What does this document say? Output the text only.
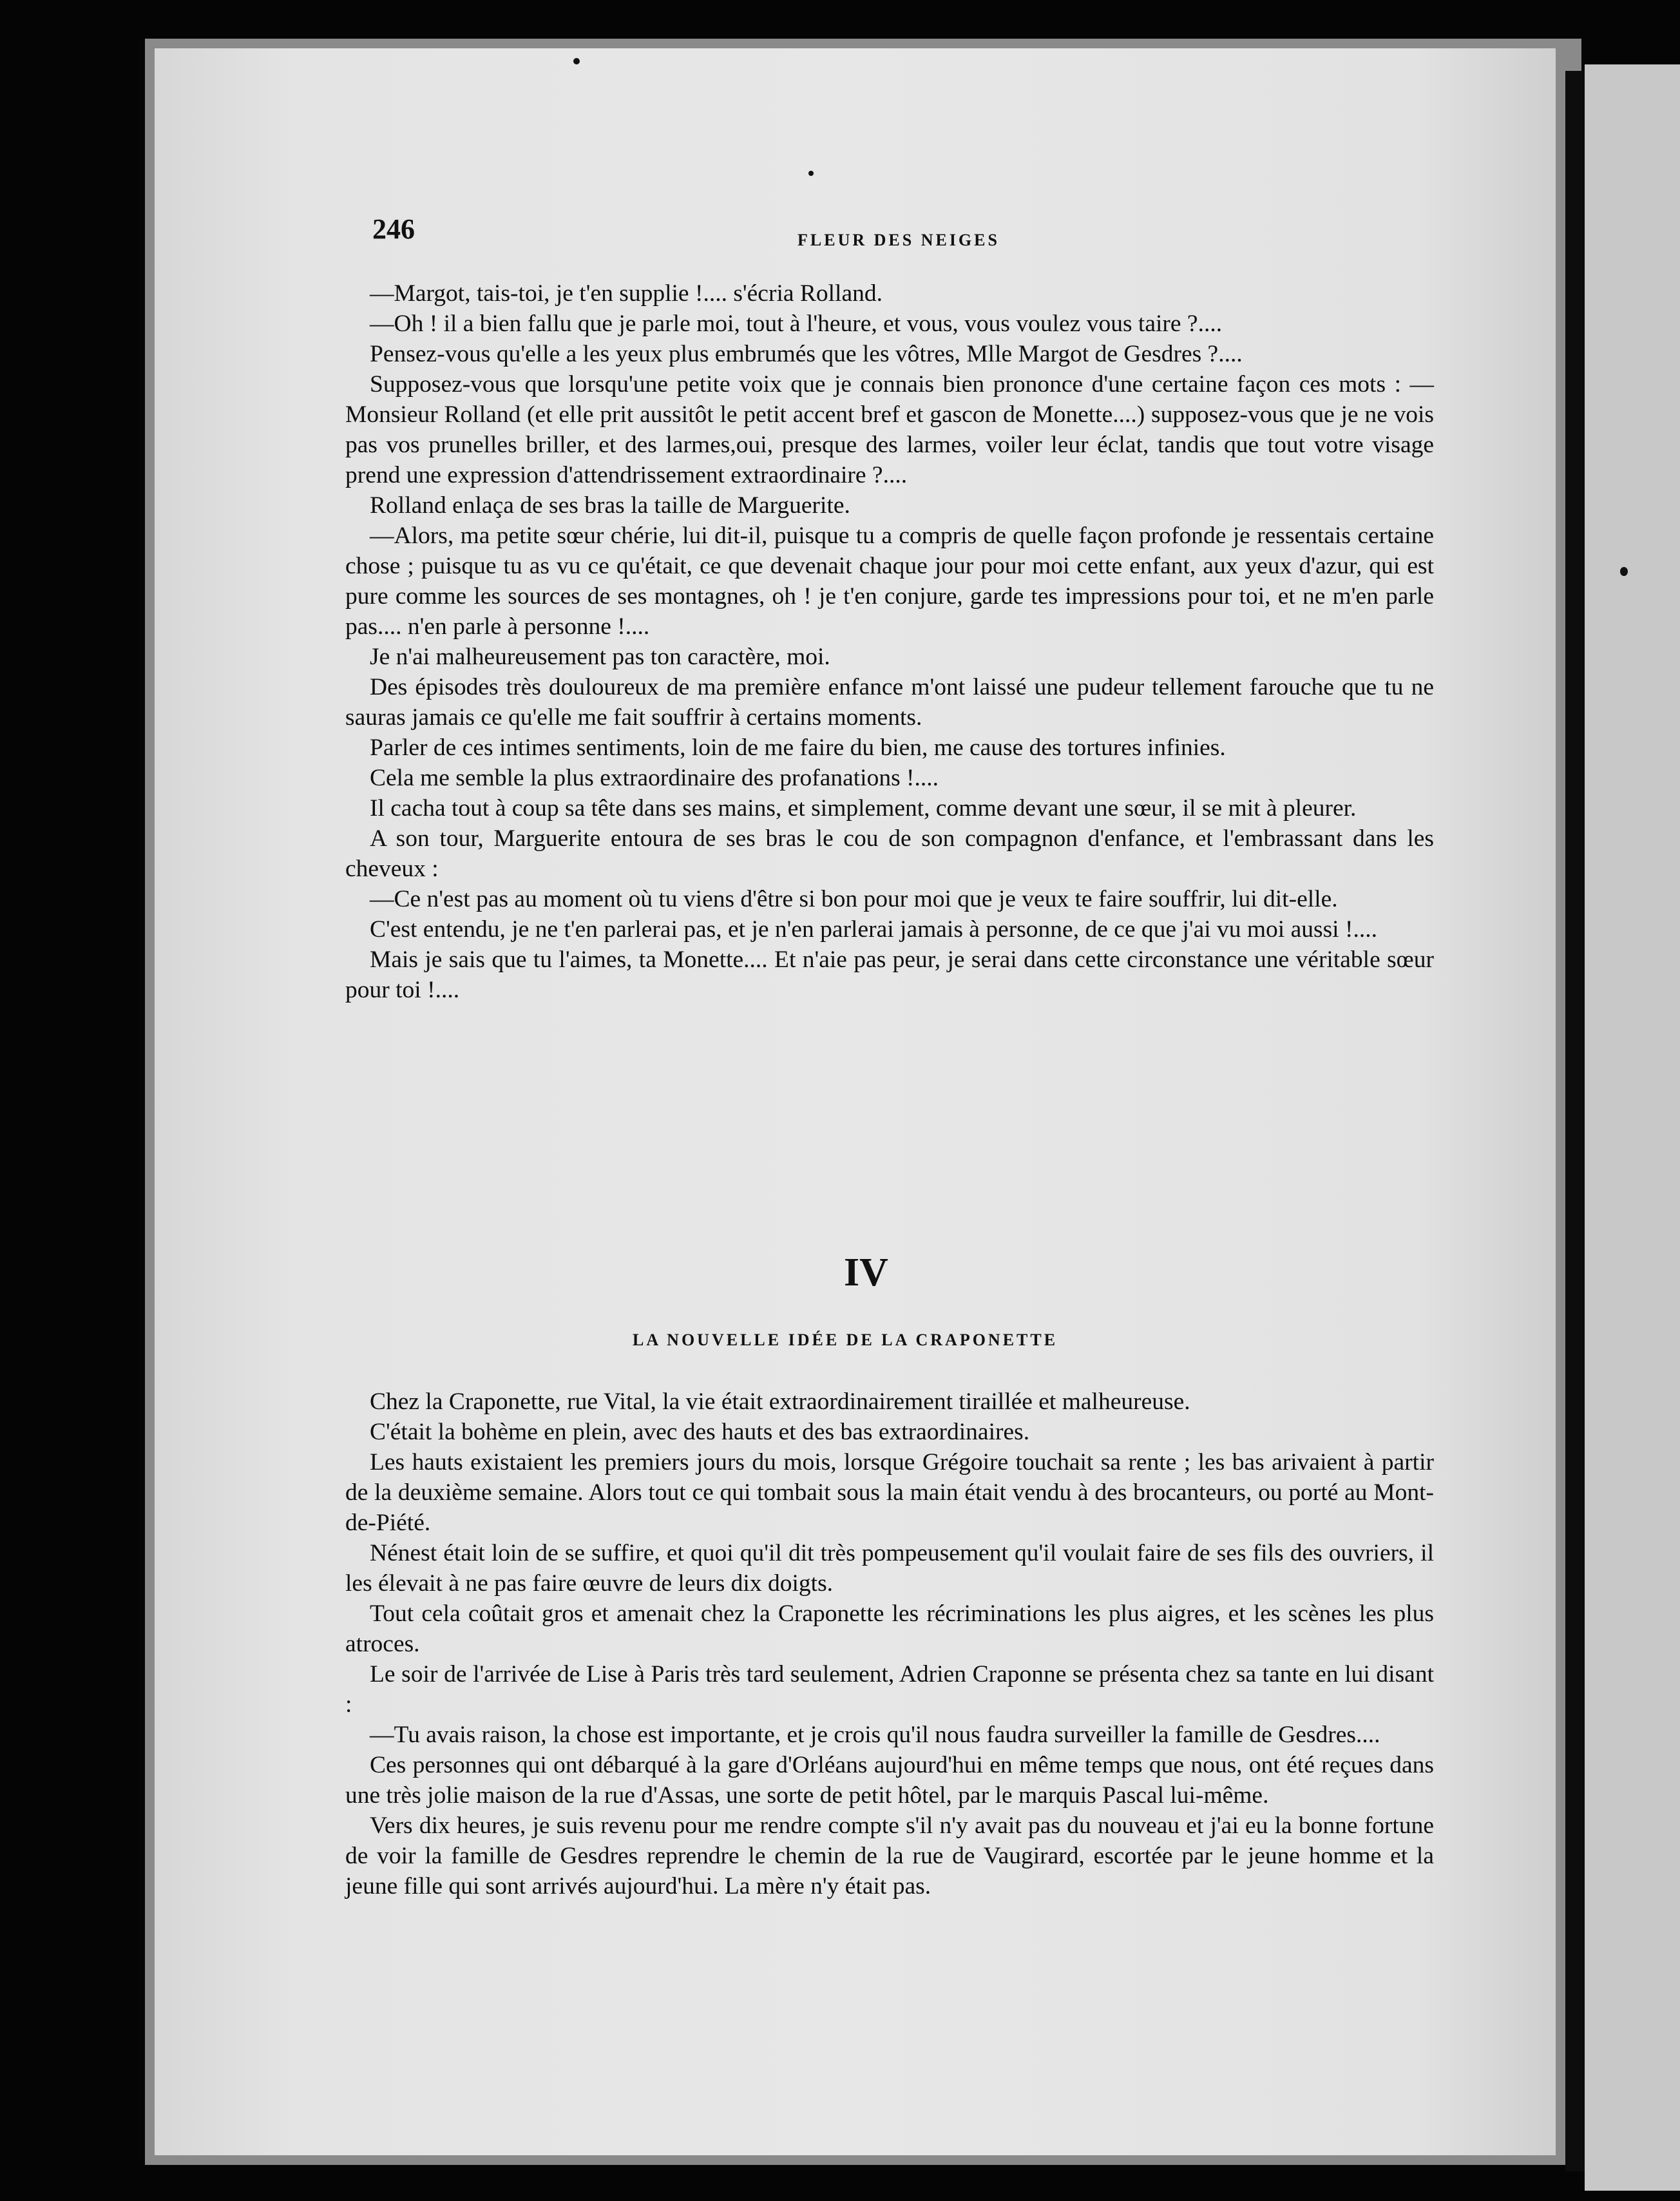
246	FLEUR DES NEIGES

—Margot, tais-toi, je t'en supplie !.... s'écria Rolland.

—Oh ! il a bien fallu que je parle moi, tout à l'heure, et vous, vous voulez vous taire ?....

Pensez-vous qu'elle a les yeux plus embrumés que les vôtres, Mlle Margot de Gesdres ?....

Supposez-vous que lorsqu'une petite voix que je connais bien prononce d'une certaine façon ces mots : —Monsieur Rolland (et elle prit aussitôt le petit accent bref et gascon de Monette....) supposez-vous que je ne vois pas vos prunelles briller, et des larmes,oui, presque des larmes, voiler leur éclat, tandis que tout votre visage prend une expression d'attendrissement extraordinaire ?....

Rolland enlaça de ses bras la taille de Marguerite.

—Alors, ma petite sœur chérie, lui dit-il, puisque tu a compris de quelle façon profonde je ressentais certaine chose ; puisque tu as vu ce qu'était, ce que devenait chaque jour pour moi cette enfant, aux yeux d'azur, qui est pure comme les sources de ses montagnes, oh ! je t'en conjure, garde tes impressions pour toi, et ne m'en parle pas.... n'en parle à personne !....

Je n'ai malheureusement pas ton caractère, moi.

Des épisodes très douloureux de ma première enfance m'ont laissé une pudeur tellement farouche que tu ne sauras jamais ce qu'elle me fait souffrir à certains moments.

Parler de ces intimes sentiments, loin de me faire du bien, me cause des tortures infinies.

Cela me semble la plus extraordinaire des profanations !....

Il cacha tout à coup sa tête dans ses mains, et simplement, comme devant une sœur, il se mit à pleurer.

A son tour, Marguerite entoura de ses bras le cou de son compagnon d'enfance, et l'embrassant dans les cheveux :

—Ce n'est pas au moment où tu viens d'être si bon pour moi que je veux te faire souffrir, lui dit-elle.

C'est entendu, je ne t'en parlerai pas, et je n'en parlerai jamais à personne, de ce que j'ai vu moi aussi !....

Mais je sais que tu l'aimes, ta Monette.... Et n'aie pas peur, je serai dans cette circonstance une véritable sœur pour toi !....

IV
LA NOUVELLE IDÉE DE LA CRAPONETTE

Chez la Craponette, rue Vital, la vie était extraordinairement tiraillée et malheureuse.

C'était la bohème en plein, avec des hauts et des bas extraordinaires.

Les hauts existaient les premiers jours du mois, lorsque Grégoire touchait sa rente ; les bas arivaient à partir de la deuxième semaine. Alors tout ce qui tombait sous la main était vendu à des brocanteurs, ou porté au Mont-de-Piété.

Nénest était loin de se suffire, et quoi qu'il dit très pompeusement qu'il voulait faire de ses fils des ouvriers, il les élevait à ne pas faire œuvre de leurs dix doigts.

Tout cela coûtait gros et amenait chez la Craponette les récriminations les plus aigres, et les scènes les plus atroces.

Le soir de l'arrivée de Lise à Paris très tard seulement, Adrien Craponne se présenta chez sa tante en lui disant :

—Tu avais raison, la chose est importante, et je crois qu'il nous faudra surveiller la famille de Gesdres....

Ces personnes qui ont débarqué à la gare d'Orléans aujourd'hui en même temps que nous, ont été reçues dans une très jolie maison de la rue d'Assas, une sorte de petit hôtel, par le marquis Pascal lui-même.

Vers dix heures, je suis revenu pour me rendre compte s'il n'y avait pas du nouveau et j'ai eu la bonne fortune de voir la famille de Gesdres reprendre le chemin de la rue de Vaugirard, escortée par le jeune homme et la jeune fille qui sont arrivés aujourd'hui. La mère n'y était pas.
